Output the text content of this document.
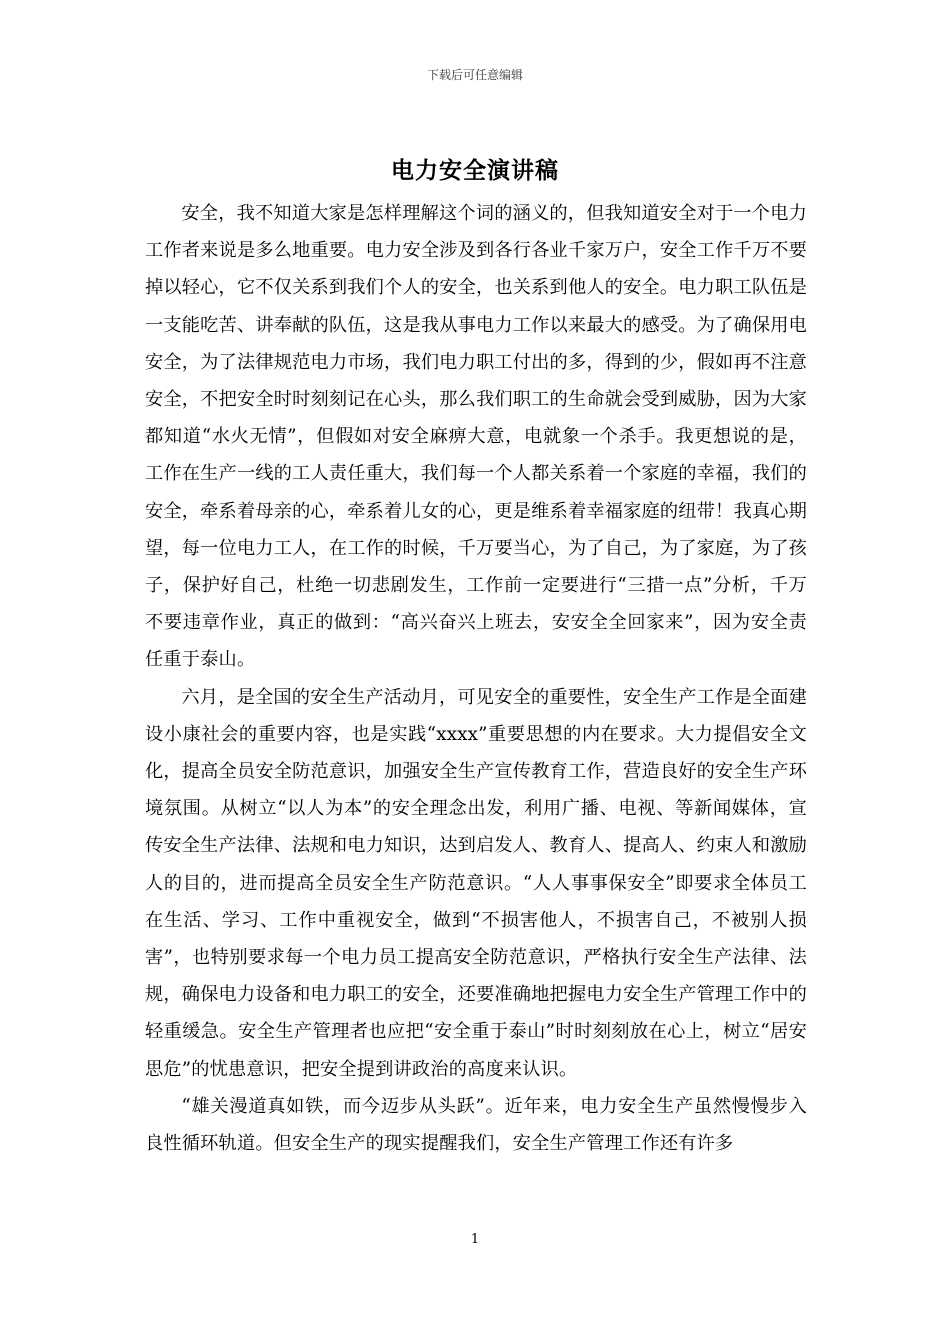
下载后可任意编辑
电力安全演讲稿

安全，我不知道大家是怎样理解这个词的涵义的，但我知道安全对于一个电力工作者来说是多么地重要。电力安全涉及到各行各业千家万户，安全工作千万不要掉以轻心，它不仅关系到我们个人的安全，也关系到他人的安全。电力职工队伍是一支能吃苦、讲奉献的队伍，这是我从事电力工作以来最大的感受。为了确保用电安全，为了法律规范电力市场，我们电力职工付出的多，得到的少，假如再不注意安全，不把安全时时刻刻记在心头，那么我们职工的生命就会受到威胁，因为大家都知道“水火无情”，但假如对安全麻痹大意，电就象一个杀手。我更想说的是，工作在生产一线的工人责任重大，我们每一个人都关系着一个家庭的幸福，我们的安全，牵系着母亲的心，牵系着儿女的心，更是维系着幸福家庭的纽带！我真心期望，每一位电力工人，在工作的时候，千万要当心，为了自己，为了家庭，为了孩子，保护好自己，杜绝一切悲剧发生，工作前一定要进行“三措一点”分析，千万不要违章作业，真正的做到：“高兴奋兴上班去，安安全全回家来”，因为安全责任重于泰山。

六月，是全国的安全生产活动月，可见安全的重要性，安全生产工作是全面建设小康社会的重要内容，也是实践“xxxx”重要思想的内在要求。大力提倡安全文化，提高全员安全防范意识，加强安全生产宣传教育工作，营造良好的安全生产环境氛围。从树立“以人为本”的安全理念出发，利用广播、电视、等新闻媒体，宣传安全生产法律、法规和电力知识，达到启发人、教育人、提高人、约束人和激励人的目的，进而提高全员安全生产防范意识。“人人事事保安全”即要求全体员工在生活、学习、工作中重视安全，做到“不损害他人，不损害自己，不被别人损害”，也特别要求每一个电力员工提高安全防范意识，严格执行安全生产法律、法规，确保电力设备和电力职工的安全，还要准确地把握电力安全生产管理工作中的轻重缓急。安全生产管理者也应把“安全重于泰山”时时刻刻放在心上，树立“居安思危”的忧患意识，把安全提到讲政治的高度来认识。

“雄关漫道真如铁，而今迈步从头跃”。近年来，电力安全生产虽然慢慢步入良性循环轨道。但安全生产的现实提醒我们，安全生产管理工作还有许多

1
